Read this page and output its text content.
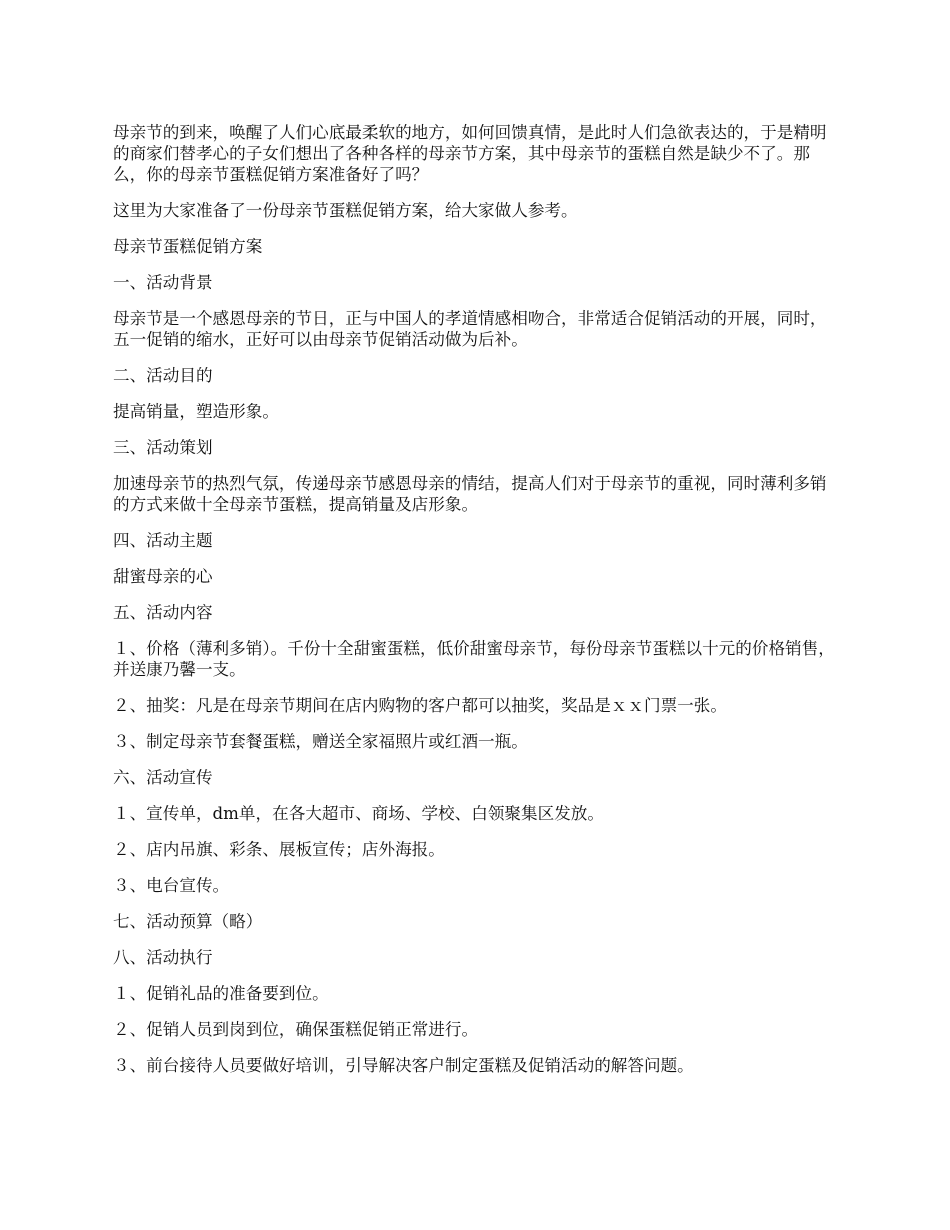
母亲节的到来，唤醒了人们心底最柔软的地方，如何回馈真情，是此时人们急欲表达的，于是精明的商家们替孝心的子女们想出了各种各样的母亲节方案，其中母亲节的蛋糕自然是缺少不了。那么，你的母亲节蛋糕促销方案准备好了吗？

这里为大家准备了一份母亲节蛋糕促销方案，给大家做人参考。

母亲节蛋糕促销方案

一、活动背景

母亲节是一个感恩母亲的节日，正与中国人的孝道情感相吻合，非常适合促销活动的开展，同时，五一促销的缩水，正好可以由母亲节促销活动做为后补。

二、活动目的

提高销量，塑造形象。

三、活动策划

加速母亲节的热烈气氛，传递母亲节感恩母亲的情结，提高人们对于母亲节的重视，同时薄利多销的方式来做十全母亲节蛋糕，提高销量及店形象。

四、活动主题

甜蜜母亲的心

五、活动内容

１、价格（薄利多销）。千份十全甜蜜蛋糕，低价甜蜜母亲节，每份母亲节蛋糕以十元的价格销售，并送康乃馨一支。

２、抽奖：凡是在母亲节期间在店内购物的客户都可以抽奖，奖品是ｘｘ门票一张。

３、制定母亲节套餐蛋糕，赠送全家福照片或红酒一瓶。

六、活动宣传

１、宣传单，dm单，在各大超市、商场、学校、白领聚集区发放。

２、店内吊旗、彩条、展板宣传；店外海报。

３、电台宣传。

七、活动预算（略）

八、活动执行

１、促销礼品的准备要到位。

２、促销人员到岗到位，确保蛋糕促销正常进行。

３、前台接待人员要做好培训，引导解决客户制定蛋糕及促销活动的解答问题。
